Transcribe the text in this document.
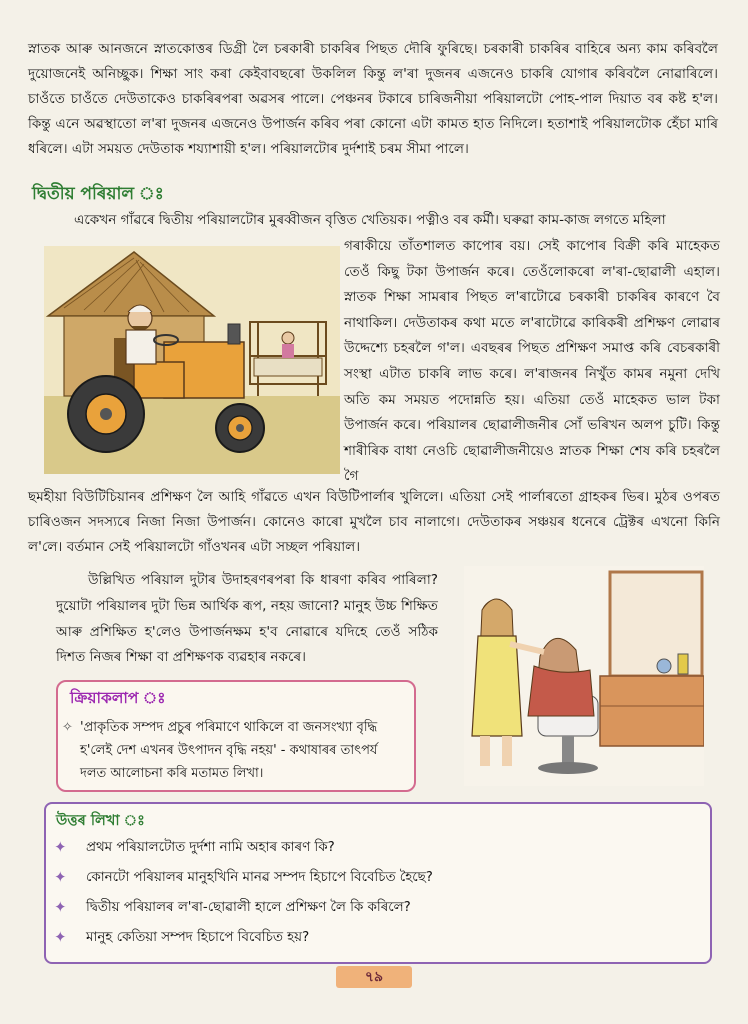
স্নাতক আৰু আনজনে স্নাতকোত্তৰ ডিগ্ৰী লৈ চৰকাৰী চাকৰিৰ পিছত দৌৰি ফুৰিছে। চৰকাৰী চাকৰিৰ বাহিৰে অন্য কাম কৰিবলৈ দুয়োজনেই অনিচ্ছুক। শিক্ষা সাং কৰা কেইবাবছৰো উকলিল কিন্তু ল'ৰা দুজনৰ এজনেও চাকৰি যোগাৰ কৰিবলৈ নোৱাৰিলে। চাওঁতে চাওঁতে দেউতাকেও চাকৰিৰপৰা অৱসৰ পালে। পেঞ্চনৰ টকাৰে চাৰিজনীয়া পৰিয়ালটো পোহ-পাল দিয়াত বৰ কষ্ট হ'ল। কিন্তু এনে অৱস্থাতো ল'ৰা দুজনৰ এজনেও উপাৰ্জন কৰিব পৰা কোনো এটা কামত হাত নিদিলে। হতাশাই পৰিয়ালটোক হেঁচা মাৰি ধৰিলে। এটা সময়ত দেউতাক শয্যাশায়ী হ'ল। পৰিয়ালটোৰ দুৰ্দশাই চৰম সীমা পালে।

দ্বিতীয় পৰিয়াল ঃ

একেখন গাঁৱৰে দ্বিতীয় পৰিয়ালটোৰ মুৰব্বীজন বৃত্তিত খেতিয়ক। পত্নীও বৰ কৰ্মী। ঘৰুৱা কাম-কাজ লগতে মহিলা

গৰাকীয়ে তাঁতশালত কাপোৰ বয়। সেই কাপোৰ বিক্ৰী কৰি মাহেকত তেওঁ কিছু টকা উপাৰ্জন কৰে। তেওঁলোকৰো ল'ৰা-ছোৱালী এহাল। স্নাতক শিক্ষা সামৰাৰ পিছত ল'ৰাটোৱে চৰকাৰী চাকৰিৰ কাৰণে বৈ নাথাকিল। দেউতাকৰ কথা মতে ল'ৰাটোৱে কাৰিকৰী প্ৰশিক্ষণ লোৱাৰ উদ্দেশ্যে চহৰলৈ গ'ল। এবছৰৰ পিছত প্ৰশিক্ষণ সমাপ্ত কৰি বেচৰকাৰী সংস্থা এটাত চাকৰি লাভ কৰে। ল'ৰাজনৰ নিখুঁত কামৰ নমুনা দেখি অতি কম সময়ত পদোন্নতি হয়। এতিয়া তেওঁ মাহেকত ভাল টকা উপাৰ্জন কৰে। পৰিয়ালৰ ছোৱালীজনীৰ সোঁ ভৰিখন অলপ চুটি। কিন্তু শাৰীৰিক বাধা নেওচি ছোৱালীজনীয়েও স্নাতক শিক্ষা শেষ কৰি চহৰলৈ গৈ

ছমহীয়া বিউটিচিয়ানৰ প্ৰশিক্ষণ লৈ আহি গাঁৱতে এখন বিউটিপাৰ্লাৰ খুলিলে। এতিয়া সেই পাৰ্লাৰতো গ্ৰাহকৰ ভিৰ। মুঠৰ ওপৰত চাৰিওজন সদস্যৰে নিজা নিজা উপাৰ্জন। কোনেও কাৰো মুখলৈ চাব নালাগে। দেউতাকৰ সঞ্চয়ৰ ধনেৰে ট্ৰেক্টৰ এখনো কিনি ল'লে। বৰ্তমান সেই পৰিয়ালটো গাঁওখনৰ এটা সচ্ছল পৰিয়াল।

উল্লিখিত পৰিয়াল দুটাৰ উদাহৰণৰপৰা কি ধাৰণা কৰিব পাৰিলা? দুয়োটা পৰিয়ালৰ দুটা ভিন্ন আৰ্থিক ৰূপ, নহয় জানো? মানুহ উচ্চ শিক্ষিত আৰু প্ৰশিক্ষিত হ'লেও উপাৰ্জনক্ষম হ'ব নোৱাৰে যদিহে তেওঁ সঠিক দিশত নিজৰ শিক্ষা বা প্ৰশিক্ষণক ব্যৱহাৰ নকৰে।

ক্ৰিয়াকলাপ ঃ
✧ 'প্ৰাকৃতিক সম্পদ প্ৰচুৰ পৰিমাণে থাকিলে বা জনসংখ্যা বৃদ্ধি হ'লেই দেশ এখনৰ উৎপাদন বৃদ্ধি নহয়' - কথাষাৰৰ তাৎপৰ্য দলত আলোচনা কৰি মতামত লিখা।
উত্তৰ লিখা ঃ
✦ প্ৰথম পৰিয়ালটোত দুৰ্দশা নামি অহাৰ কাৰণ কি?
✦ কোনটো পৰিয়ালৰ মানুহখিনি মানৱ সম্পদ হিচাপে বিবেচিত হৈছে?
✦ দ্বিতীয় পৰিয়ালৰ ল'ৰা-ছোৱালী হালে প্ৰশিক্ষণ লৈ কি কৰিলে?
✦ মানুহ কেতিয়া সম্পদ হিচাপে বিবেচিত হয়?
৭৯
